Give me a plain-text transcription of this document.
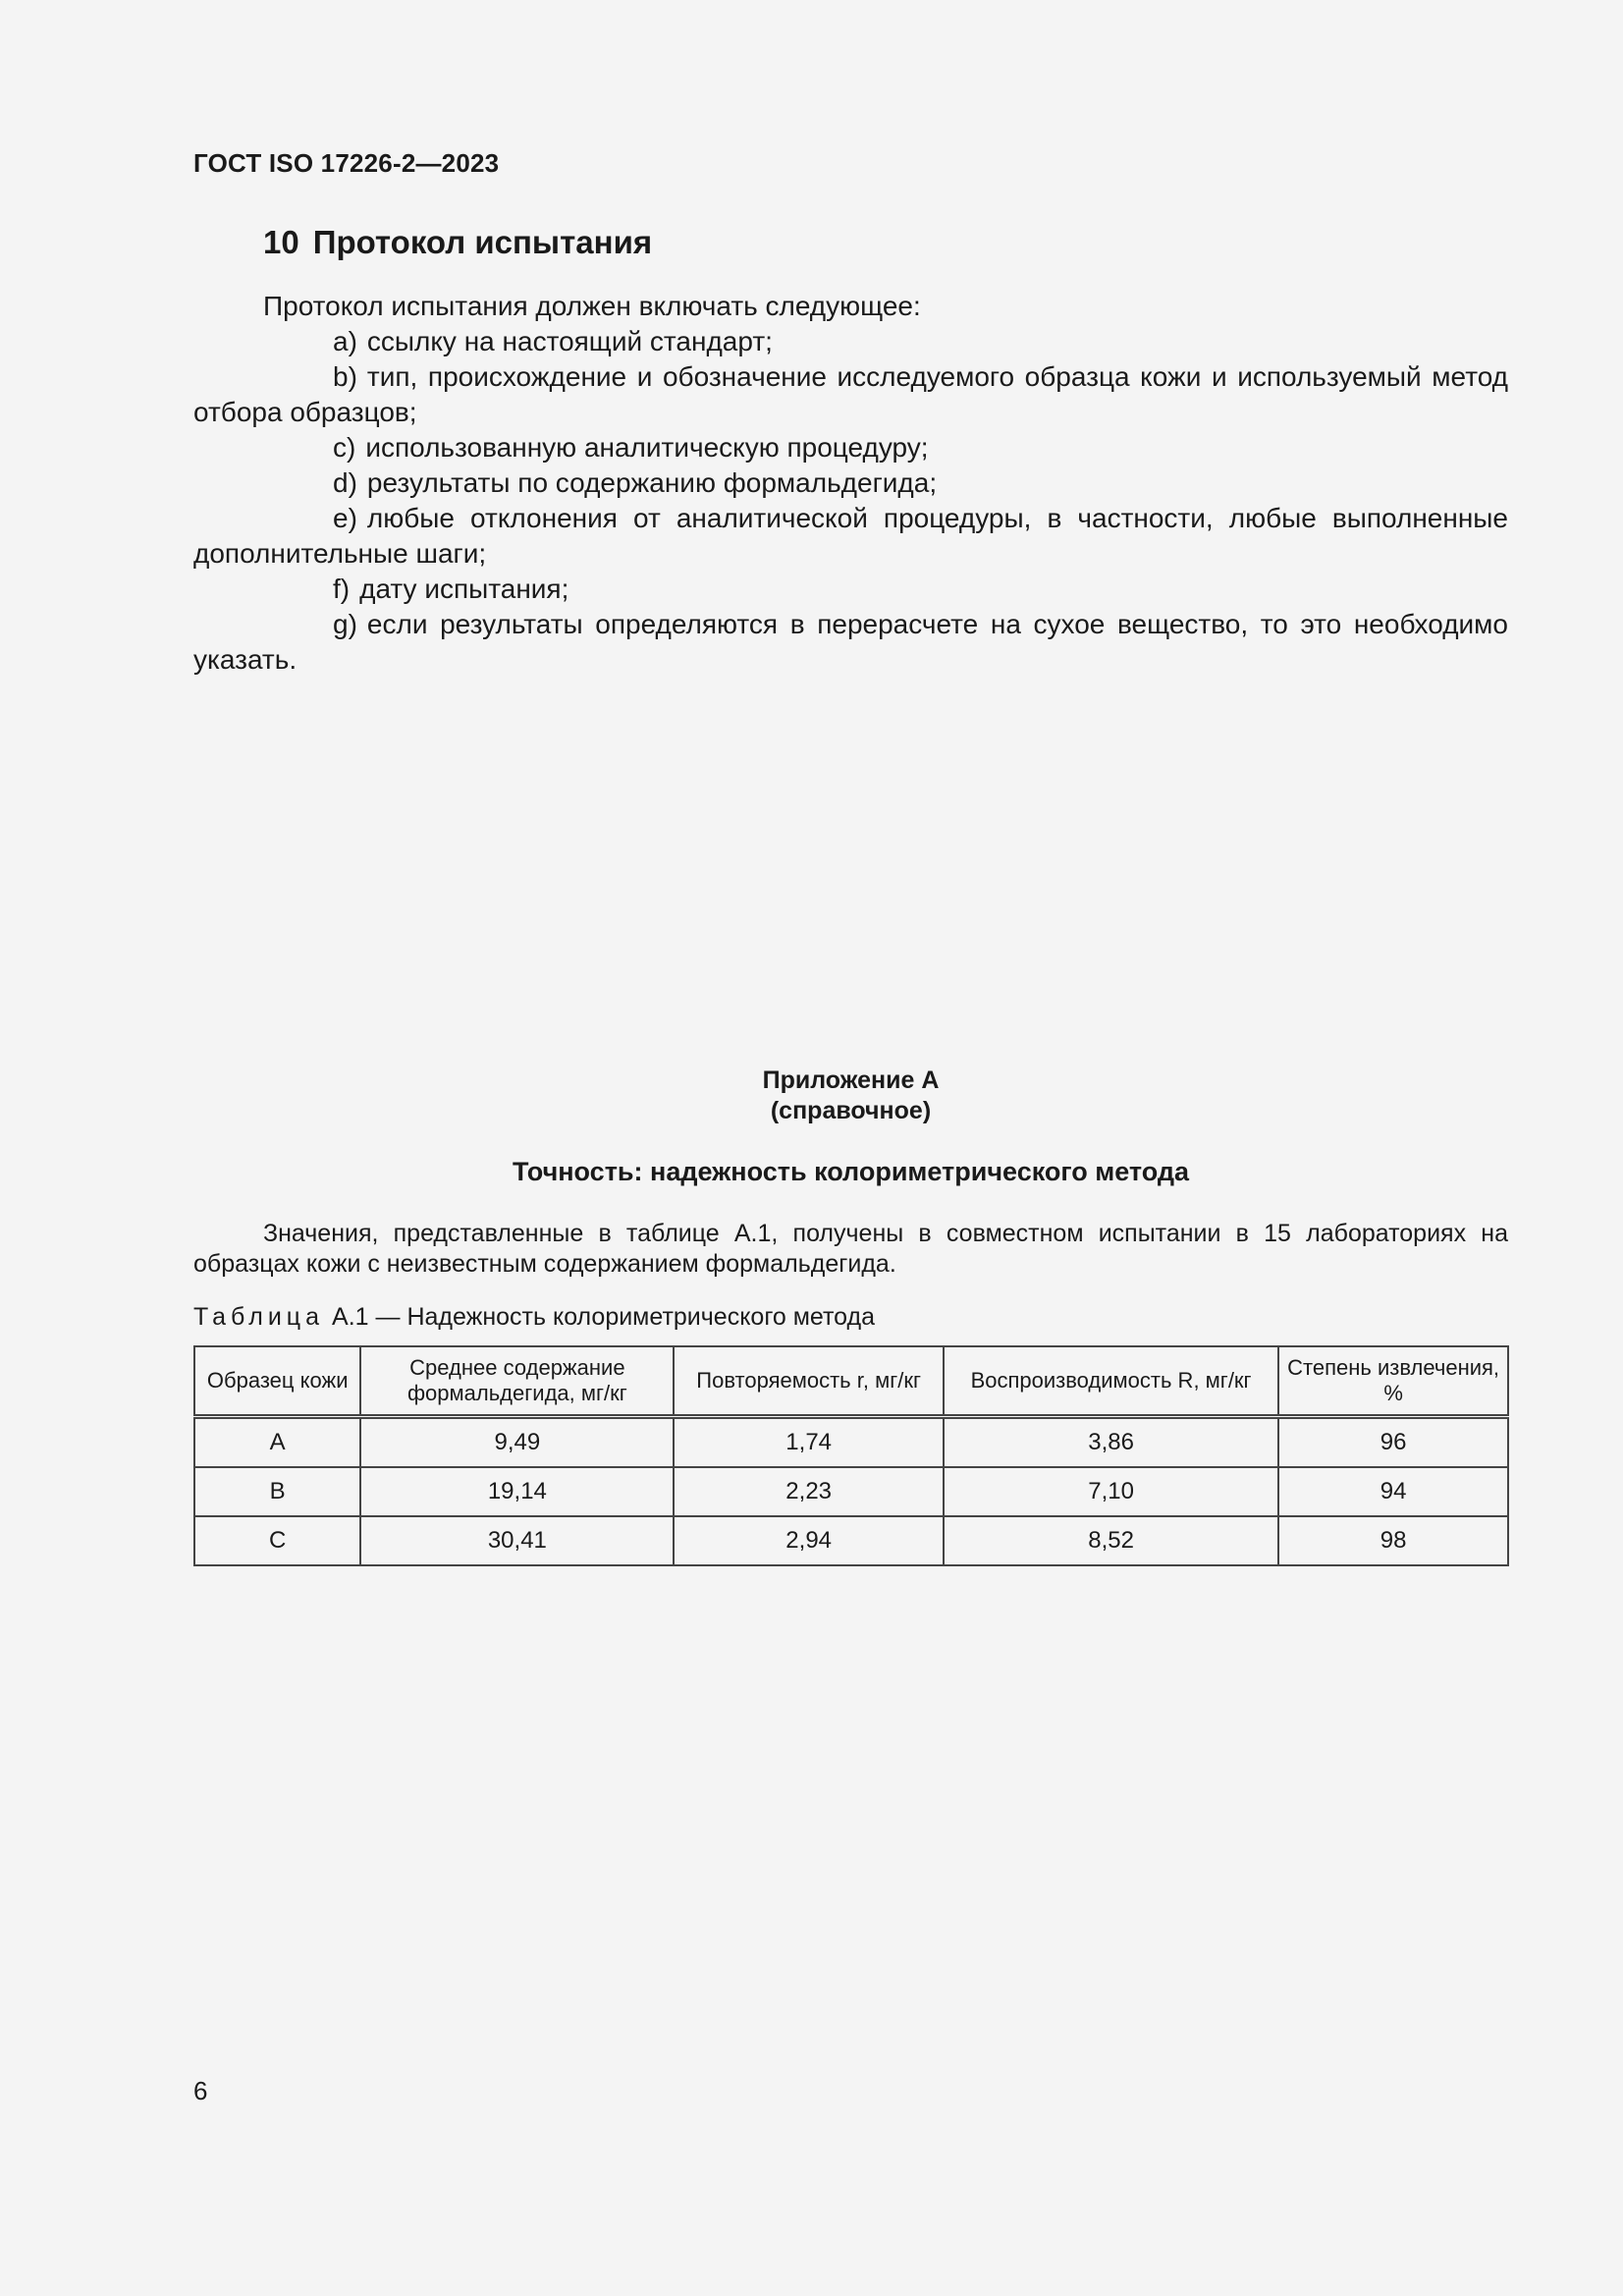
ГОСТ ISO 17226-2—2023
10 Протокол испытания

Протокол испытания должен включать следующее:

а) ссылку на настоящий стандарт;

b) тип, происхождение и обозначение исследуемого образца кожи и используемый метод отбора образцов;

c) использованную аналитическую процедуру;

d) результаты по содержанию формальдегида;

e) любые отклонения от аналитической процедуры, в частности, любые выполненные дополнительные шаги;

f) дату испытания;

g) если результаты определяются в перерасчете на сухое вещество, то это необходимо указать.

Приложение А
(справочное)
Точность: надежность колориметрического метода
Значения, представленные в таблице А.1, получены в совместном испытании в 15 лабораториях на образцах кожи с неизвестным содержанием формальдегида.
Таблица А.1 — Надежность колориметрического метода
Образец кожи	Среднее содержание формальдегида, мг/кг	Повторяемость r, мг/кг	Воспроизводимость R, мг/кг	Степень извлечения, %
А	9,49	1,74	3,86	96
В	19,14	2,23	7,10	94
С	30,41	2,94	8,52	98
6
